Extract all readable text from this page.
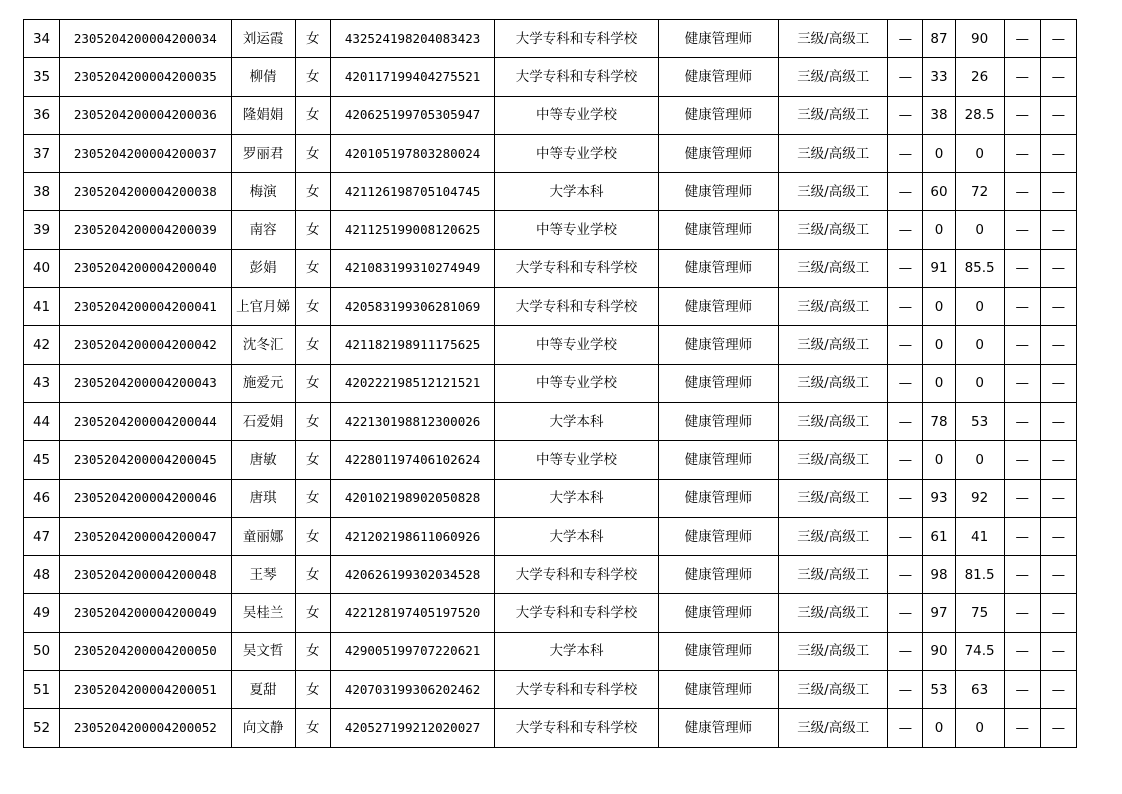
34	2305204200004200034	刘运霞	女	432524198204083423	大学专科和专科学校	健康管理师	三级/高级工	—	87	90	—	—
35	2305204200004200035	柳倩	女	420117199404275521	大学专科和专科学校	健康管理师	三级/高级工	—	33	26	—	—
36	2305204200004200036	隆娟娟	女	420625199705305947	中等专业学校	健康管理师	三级/高级工	—	38	28.5	—	—
37	2305204200004200037	罗丽君	女	420105197803280024	中等专业学校	健康管理师	三级/高级工	—	0	0	—	—
38	2305204200004200038	梅演	女	421126198705104745	大学本科	健康管理师	三级/高级工	—	60	72	—	—
39	2305204200004200039	南容	女	421125199008120625	中等专业学校	健康管理师	三级/高级工	—	0	0	—	—
40	2305204200004200040	彭娟	女	421083199310274949	大学专科和专科学校	健康管理师	三级/高级工	—	91	85.5	—	—
41	2305204200004200041	上官月娣	女	420583199306281069	大学专科和专科学校	健康管理师	三级/高级工	—	0	0	—	—
42	2305204200004200042	沈冬汇	女	421182198911175625	中等专业学校	健康管理师	三级/高级工	—	0	0	—	—
43	2305204200004200043	施爱元	女	420222198512121521	中等专业学校	健康管理师	三级/高级工	—	0	0	—	—
44	2305204200004200044	石爱娟	女	422130198812300026	大学本科	健康管理师	三级/高级工	—	78	53	—	—
45	2305204200004200045	唐敏	女	422801197406102624	中等专业学校	健康管理师	三级/高级工	—	0	0	—	—
46	2305204200004200046	唐琪	女	420102198902050828	大学本科	健康管理师	三级/高级工	—	93	92	—	—
47	2305204200004200047	童丽娜	女	421202198611060926	大学本科	健康管理师	三级/高级工	—	61	41	—	—
48	2305204200004200048	王琴	女	420626199302034528	大学专科和专科学校	健康管理师	三级/高级工	—	98	81.5	—	—
49	2305204200004200049	吴桂兰	女	422128197405197520	大学专科和专科学校	健康管理师	三级/高级工	—	97	75	—	—
50	2305204200004200050	吴文哲	女	429005199707220621	大学本科	健康管理师	三级/高级工	—	90	74.5	—	—
51	2305204200004200051	夏甜	女	420703199306202462	大学专科和专科学校	健康管理师	三级/高级工	—	53	63	—	—
52	2305204200004200052	向文静	女	420527199212020027	大学专科和专科学校	健康管理师	三级/高级工	—	0	0	—	—
